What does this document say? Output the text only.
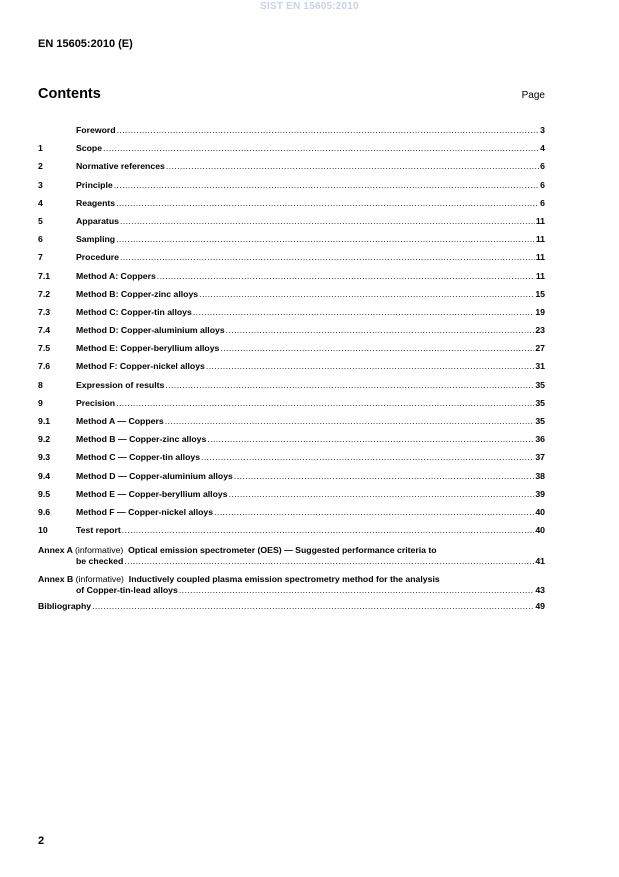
SIST EN 15605:2010
EN 15605:2010 (E)
Contents	Page
Foreword .....	3
1	Scope .....	4
2	Normative references .....	6
3	Principle .....	6
4	Reagents .....	6
5	Apparatus .....	11
6	Sampling .....	11
7	Procedure .....	11
7.1	Method A: Coppers .....	11
7.2	Method B: Copper-zinc alloys .....	15
7.3	Method C: Copper-tin alloys .....	19
7.4	Method D: Copper-aluminium alloys .....	23
7.5	Method E: Copper-beryllium alloys .....	27
7.6	Method F: Copper-nickel alloys .....	31
8	Expression of results .....	35
9	Precision .....	35
9.1	Method A — Coppers .....	35
9.2	Method B — Copper-zinc alloys .....	36
9.3	Method C — Copper-tin alloys .....	37
9.4	Method D — Copper-aluminium alloys .....	38
9.5	Method E — Copper-beryllium alloys .....	39
9.6	Method F — Copper-nickel alloys .....	40
10	Test report .....	40
Annex A (informative) Optical emission spectrometer (OES) — Suggested performance criteria to
be checked .....	41
Annex B (informative) Inductively coupled plasma emission spectrometry method for the analysis
of Copper-tin-lead alloys .....	43
Bibliography .....	49
2
